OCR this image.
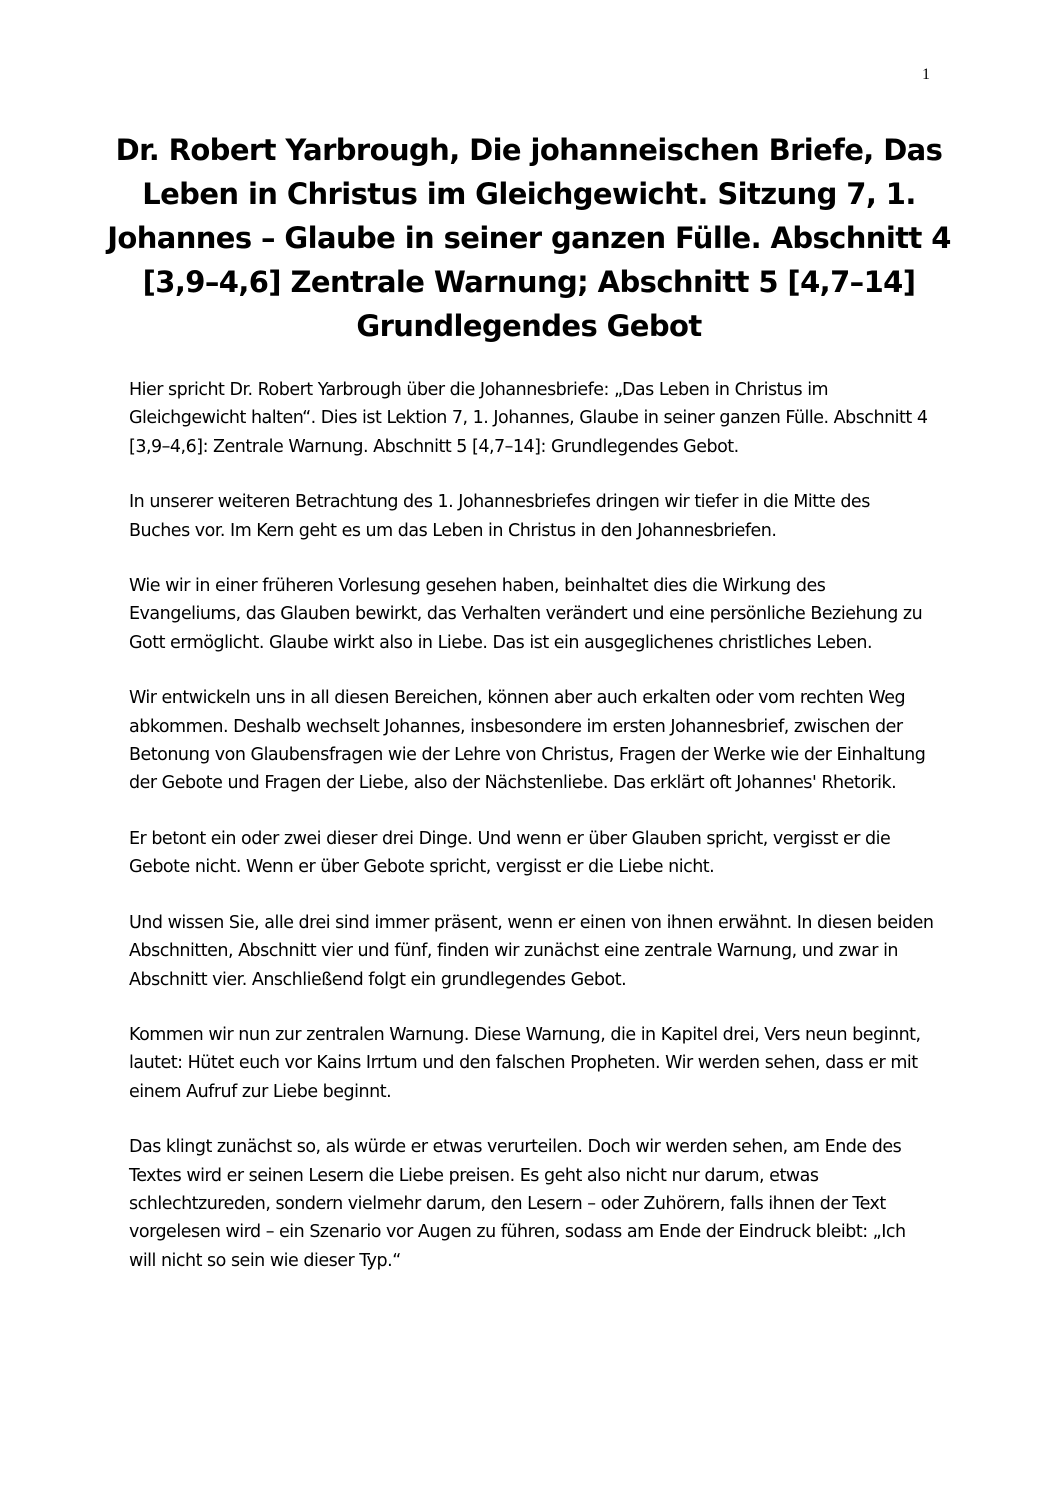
1
Dr. Robert Yarbrough, Die johanneischen Briefe, Das Leben in Christus im Gleichgewicht. Sitzung 7, 1. Johannes – Glaube in seiner ganzen Fülle. Abschnitt 4 [3,9–4,6] Zentrale Warnung; Abschnitt 5 [4,7–14] Grundlegendes Gebot

Hier spricht Dr. Robert Yarbrough über die Johannesbriefe: „Das Leben in Christus im Gleichgewicht halten“. Dies ist Lektion 7, 1. Johannes, Glaube in seiner ganzen Fülle. Abschnitt 4 [3,9–4,6]: Zentrale Warnung. Abschnitt 5 [4,7–14]: Grundlegendes Gebot.

In unserer weiteren Betrachtung des 1. Johannesbriefes dringen wir tiefer in die Mitte des Buches vor. Im Kern geht es um das Leben in Christus in den Johannesbriefen.

Wie wir in einer früheren Vorlesung gesehen haben, beinhaltet dies die Wirkung des Evangeliums, das Glauben bewirkt, das Verhalten verändert und eine persönliche Beziehung zu Gott ermöglicht. Glaube wirkt also in Liebe. Das ist ein ausgeglichenes christliches Leben.

Wir entwickeln uns in all diesen Bereichen, können aber auch erkalten oder vom rechten Weg abkommen. Deshalb wechselt Johannes, insbesondere im ersten Johannesbrief, zwischen der Betonung von Glaubensfragen wie der Lehre von Christus, Fragen der Werke wie der Einhaltung der Gebote und Fragen der Liebe, also der Nächstenliebe. Das erklärt oft Johannes' Rhetorik.

Er betont ein oder zwei dieser drei Dinge. Und wenn er über Glauben spricht, vergisst er die Gebote nicht. Wenn er über Gebote spricht, vergisst er die Liebe nicht.

Und wissen Sie, alle drei sind immer präsent, wenn er einen von ihnen erwähnt. In diesen beiden Abschnitten, Abschnitt vier und fünf, finden wir zunächst eine zentrale Warnung, und zwar in Abschnitt vier. Anschließend folgt ein grundlegendes Gebot.

Kommen wir nun zur zentralen Warnung. Diese Warnung, die in Kapitel drei, Vers neun beginnt, lautet: Hütet euch vor Kains Irrtum und den falschen Propheten. Wir werden sehen, dass er mit einem Aufruf zur Liebe beginnt.

Das klingt zunächst so, als würde er etwas verurteilen. Doch wir werden sehen, am Ende des Textes wird er seinen Lesern die Liebe preisen. Es geht also nicht nur darum, etwas schlechtzureden, sondern vielmehr darum, den Lesern – oder Zuhörern, falls ihnen der Text vorgelesen wird – ein Szenario vor Augen zu führen, sodass am Ende der Eindruck bleibt: „Ich will nicht so sein wie dieser Typ.“
